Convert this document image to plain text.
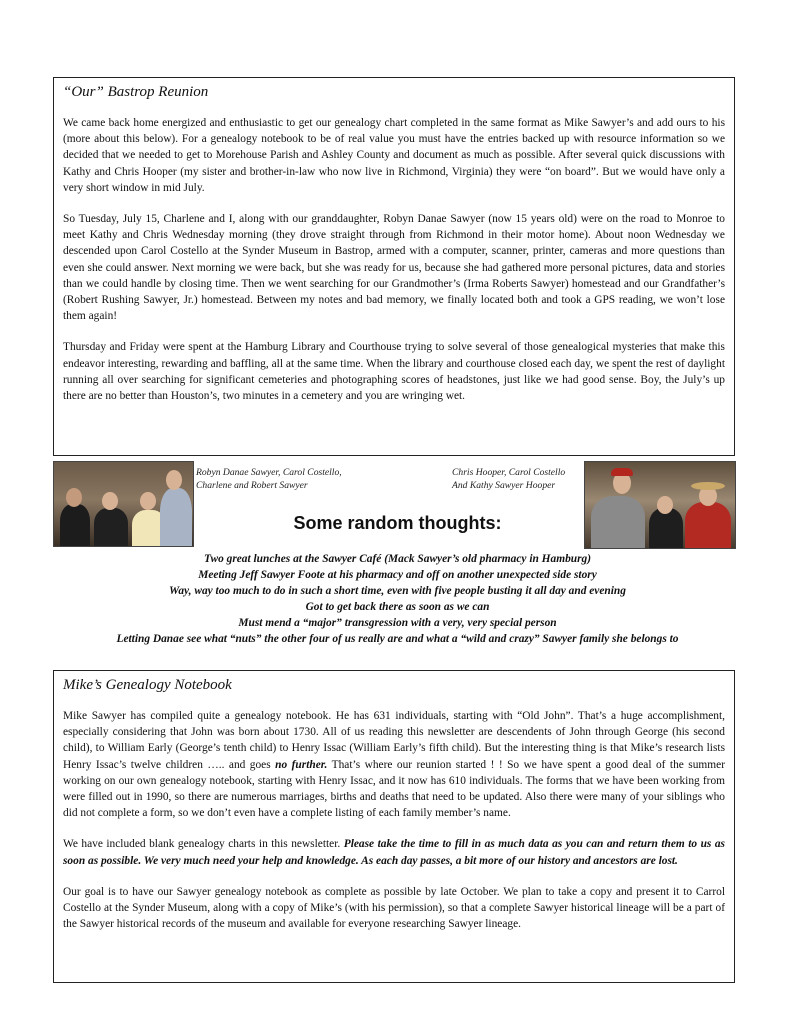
“Our” Bastrop Reunion

We came back home energized and enthusiastic to get our genealogy chart completed in the same format as Mike Sawyer’s and add ours to his (more about this below). For a genealogy notebook to be of real value you must have the entries backed up with resource information so we decided that we needed to get to Morehouse Parish and Ashley County and document as much as possible. After several quick discussions with Kathy and Chris Hooper (my sister and brother-in-law who now live in Richmond, Virginia) they were “on board”. But we would have only a very short window in mid July.

So Tuesday, July 15, Charlene and I, along with our granddaughter, Robyn Danae Sawyer (now 15 years old) were on the road to Monroe to meet Kathy and Chris Wednesday morning (they drove straight through from Richmond in their motor home). About noon Wednesday we descended upon Carol Costello at the Synder Museum in Bastrop, armed with a computer, scanner, printer, cameras and more questions than even she could answer. Next morning we were back, but she was ready for us, because she had gathered more personal pictures, data and stories than we could handle by closing time. Then we went searching for our Grandmother’s (Irma Roberts Sawyer) homestead and our Grandfather’s (Robert Rushing Sawyer, Jr.) homestead. Between my notes and bad memory, we finally located both and took a GPS reading, we won’t lose them again!

Thursday and Friday were spent at the Hamburg Library and Courthouse trying to solve several of those genealogical mysteries that make this endeavor interesting, rewarding and baffling, all at the same time. When the library and courthouse closed each day, we spent the rest of daylight running all over searching for significant cemeteries and photographing scores of headstones, just like we had good sense. Boy, the July’s up there are no better than Houston’s, two minutes in a cemetery and you are wringing wet.

Robyn Danae Sawyer, Carol Costello,
Charlene and Robert Sawyer
Chris Hooper, Carol Costello
And Kathy Sawyer Hooper
Some random thoughts:
Two great lunches at the Sawyer Café (Mack Sawyer’s old pharmacy in Hamburg)
Meeting Jeff Sawyer Foote at his pharmacy and off on another unexpected side story
Way, way too much to do in such a short time, even with five people busting it all day and evening
Got to get back there as soon as we can
Must mend a “major” transgression with a very, very special person
Letting Danae see what “nuts” the other four of us really are and what a “wild and crazy” Sawyer family she belongs to
Mike’s Genealogy Notebook

Mike Sawyer has compiled quite a genealogy notebook. He has 631 individuals, starting with “Old John”. That’s a huge accomplishment, especially considering that John was born about 1730. All of us reading this newsletter are descendents of John through George (his second child), to William Early (George’s tenth child) to Henry Issac (William Early’s fifth child). But the interesting thing is that Mike’s research lists Henry Issac’s twelve children ….. and goes no further. That’s where our reunion started ! ! So we have spent a good deal of the summer working on our own genealogy notebook, starting with Henry Issac, and it now has 610 individuals. The forms that we have been working from were filled out in 1990, so there are numerous marriages, births and deaths that need to be updated. Also there were many of your siblings who did not complete a form, so we don’t even have a complete listing of each family member’s name.

We have included blank genealogy charts in this newsletter. Please take the time to fill in as much data as you can and return them to us as soon as possible. We very much need your help and knowledge. As each day passes, a bit more of our history and ancestors are lost.

Our goal is to have our Sawyer genealogy notebook as complete as possible by late October. We plan to take a copy and present it to Carrol Costello at the Synder Museum, along with a copy of Mike’s (with his permission), so that a complete Sawyer historical lineage will be a part of the Sawyer historical records of the museum and available for everyone researching Sawyer lineage.
